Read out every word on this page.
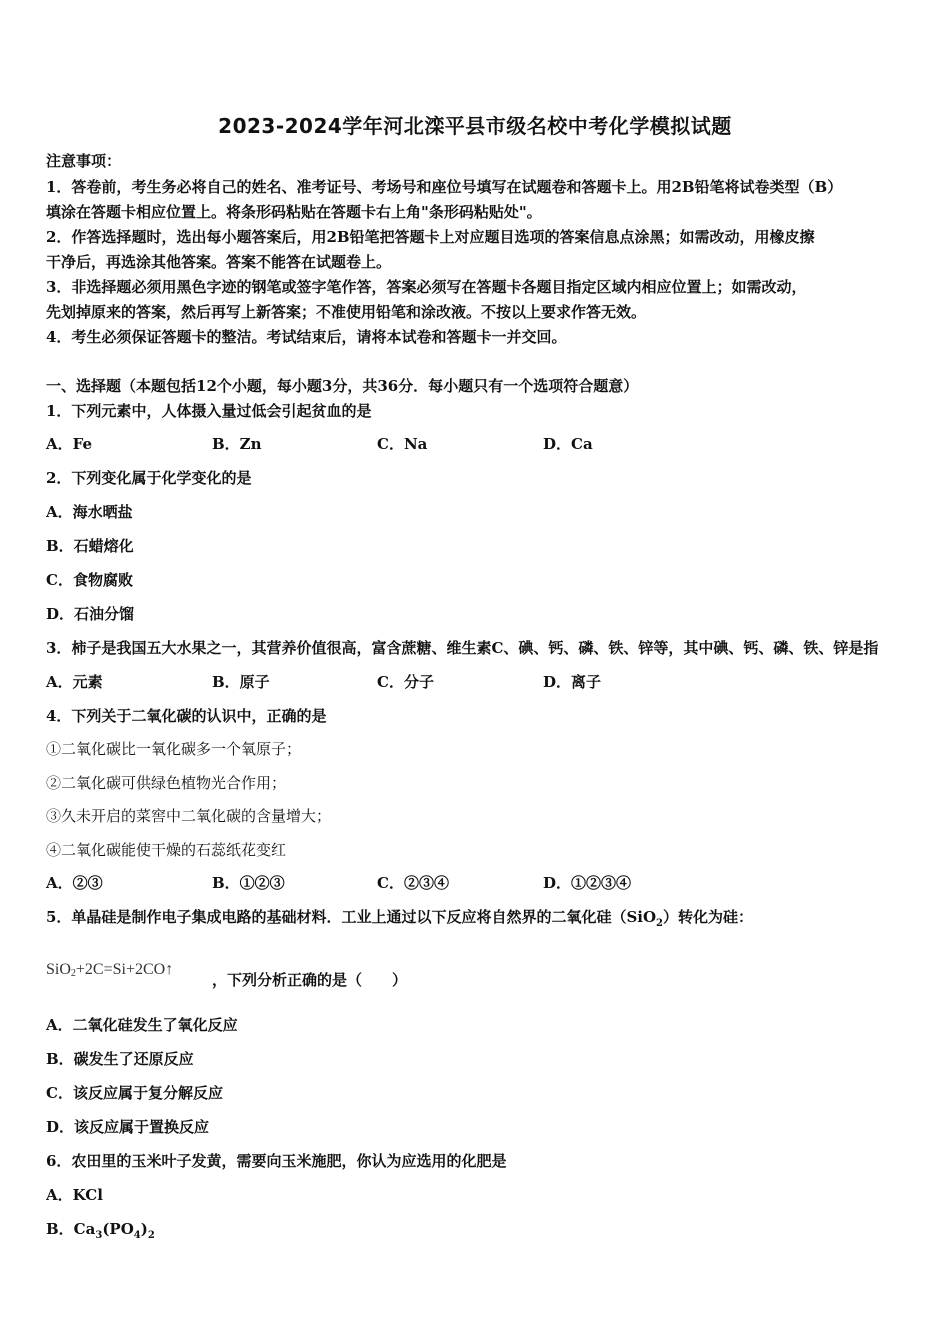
2023-2024学年河北滦平县市级名校中考化学模拟试题
注意事项：
1．答卷前，考生务必将自己的姓名、准考证号、考场号和座位号填写在试题卷和答题卡上。用2B铅笔将试卷类型（B）
填涂在答题卡相应位置上。将条形码粘贴在答题卡右上角"条形码粘贴处"。
2．作答选择题时，选出每小题答案后，用2B铅笔把答题卡上对应题目选项的答案信息点涂黑；如需改动，用橡皮擦
干净后，再选涂其他答案。答案不能答在试题卷上。
3．非选择题必须用黑色字迹的钢笔或签字笔作答，答案必须写在答题卡各题目指定区域内相应位置上；如需改动，
先划掉原来的答案，然后再写上新答案；不准使用铅笔和涂改液。不按以上要求作答无效。
4．考生必须保证答题卡的整洁。考试结束后，请将本试卷和答题卡一并交回。
一、选择题（本题包括12个小题，每小题3分，共36分．每小题只有一个选项符合题意）
1．下列元素中，人体摄入量过低会引起贫血的是
A．Fe	B．Zn	C．Na	D．Ca
2．下列变化属于化学变化的是
A．海水晒盐
B．石蜡熔化
C．食物腐败
D．石油分馏
3．柿子是我国五大水果之一，其营养价值很高，富含蔗糖、维生素C、碘、钙、磷、铁、锌等，其中碘、钙、磷、铁、锌是指
A．元素	B．原子	C．分子	D．离子
4．下列关于二氧化碳的认识中，正确的是
①二氧化碳比一氧化碳多一个氧原子；
②二氧化碳可供绿色植物光合作用；
③久未开启的菜窖中二氧化碳的含量增大；
④二氧化碳能使干燥的石蕊纸花变红
A．②③	B．①②③	C．②③④	D．①②③④
5．单晶硅是制作电子集成电路的基础材料．工业上通过以下反应将自然界的二氧化硅（SiO$_2$）转化为硅：
SiO$_2$+2C=Si+2CO↑
，下列分析正确的是（　　）
A．二氧化硅发生了氧化反应
B．碳发生了还原反应
C．该反应属于复分解反应
D．该反应属于置换反应
6．农田里的玉米叶子发黄，需要向玉米施肥，你认为应选用的化肥是
A．KCl
B．$Ca_3(PO_4)_2$
